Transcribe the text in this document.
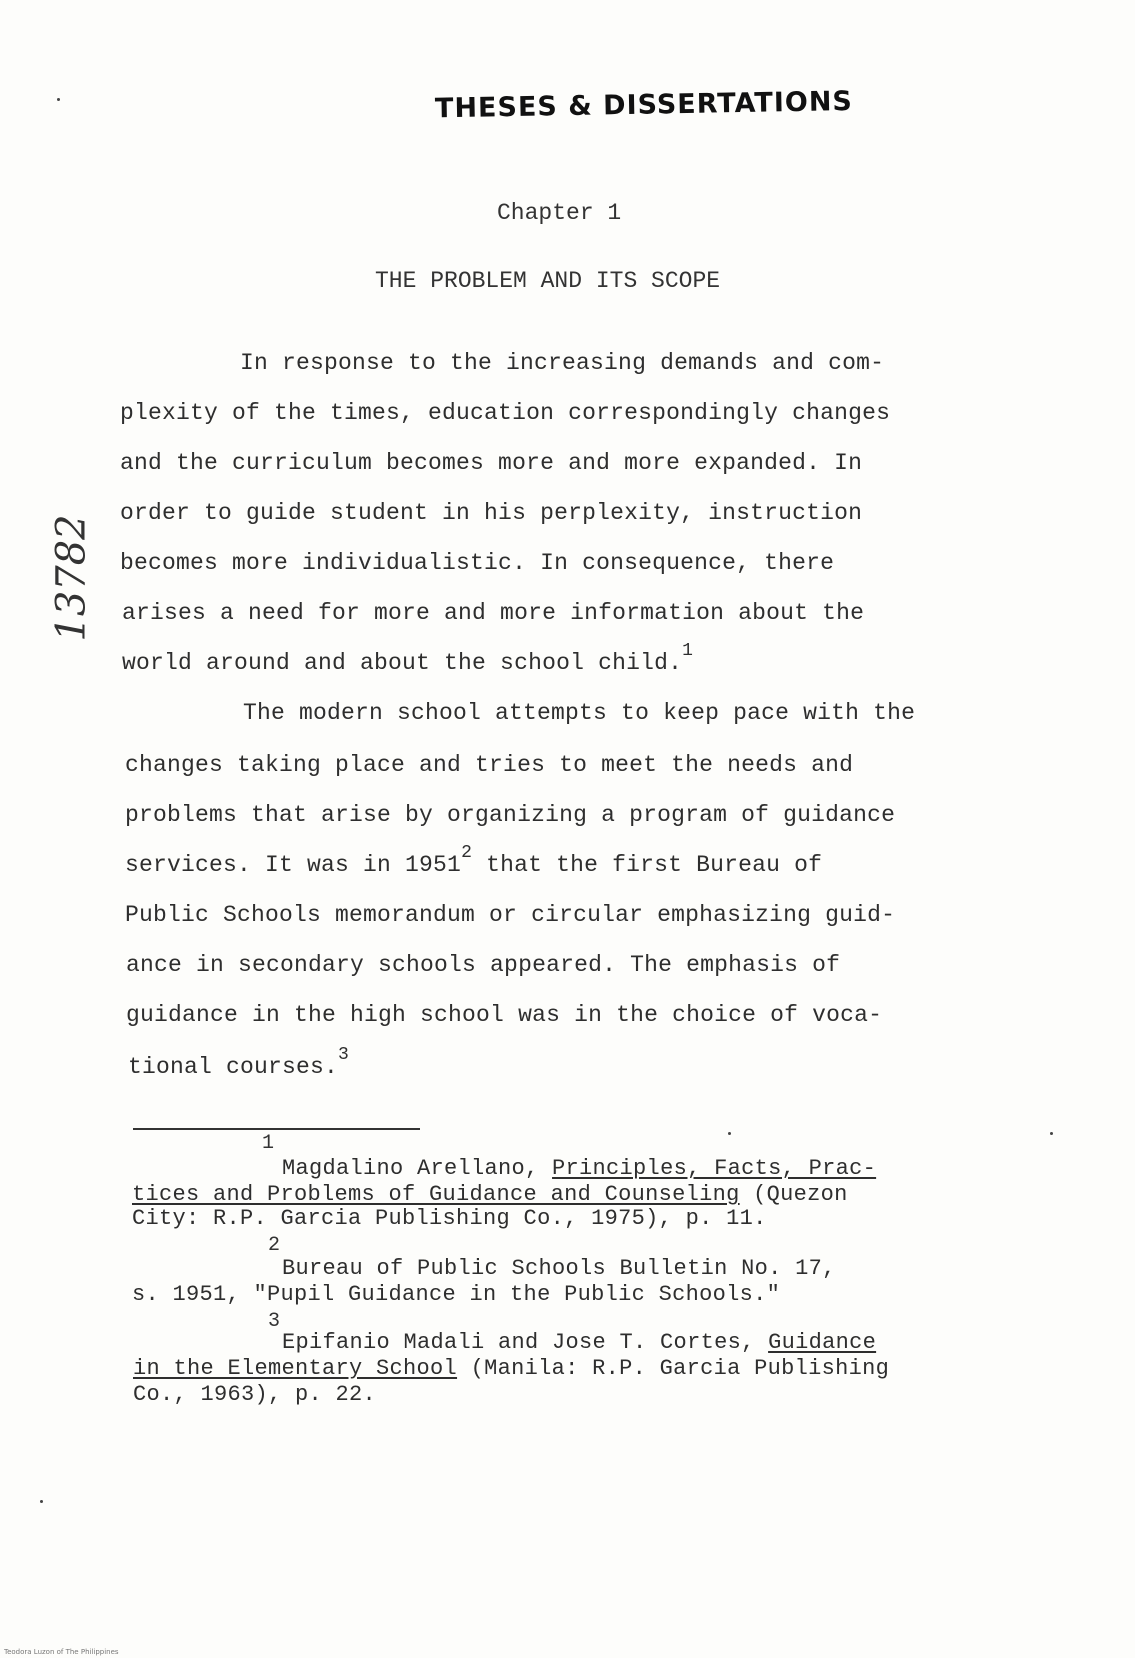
THESES & DISSERTATIONS
13782
Chapter 1
THE PROBLEM AND ITS SCOPE
In response to the increasing demands and com-
plexity of the times, education correspondingly changes
and the curriculum becomes more and more expanded. In
order to guide student in his perplexity, instruction
becomes more individualistic. In consequence, there
arises a need for more and more information about the
world around and about the school child.$^1$
The modern school attempts to keep pace with the
changes taking place and tries to meet the needs and
problems that arise by organizing a program of guidance
services. It was in 1951$^2$ that the first Bureau of
Public Schools memorandum or circular emphasizing guid-
ance in secondary schools appeared. The emphasis of
guidance in the high school was in the choice of voca-
tional courses.$^3$
1
Magdalino Arellano, Principles, Facts, Prac-
tices and Problems of Guidance and Counseling (Quezon
City: R.P. Garcia Publishing Co., 1975), p. 11.
2
Bureau of Public Schools Bulletin No. 17,
s. 1951, "Pupil Guidance in the Public Schools."
3
Epifanio Madali and Jose T. Cortes, Guidance
in the Elementary School (Manila: R.P. Garcia Publishing
Co., 1963), p. 22.
Teodora Luzon of The Philippines
